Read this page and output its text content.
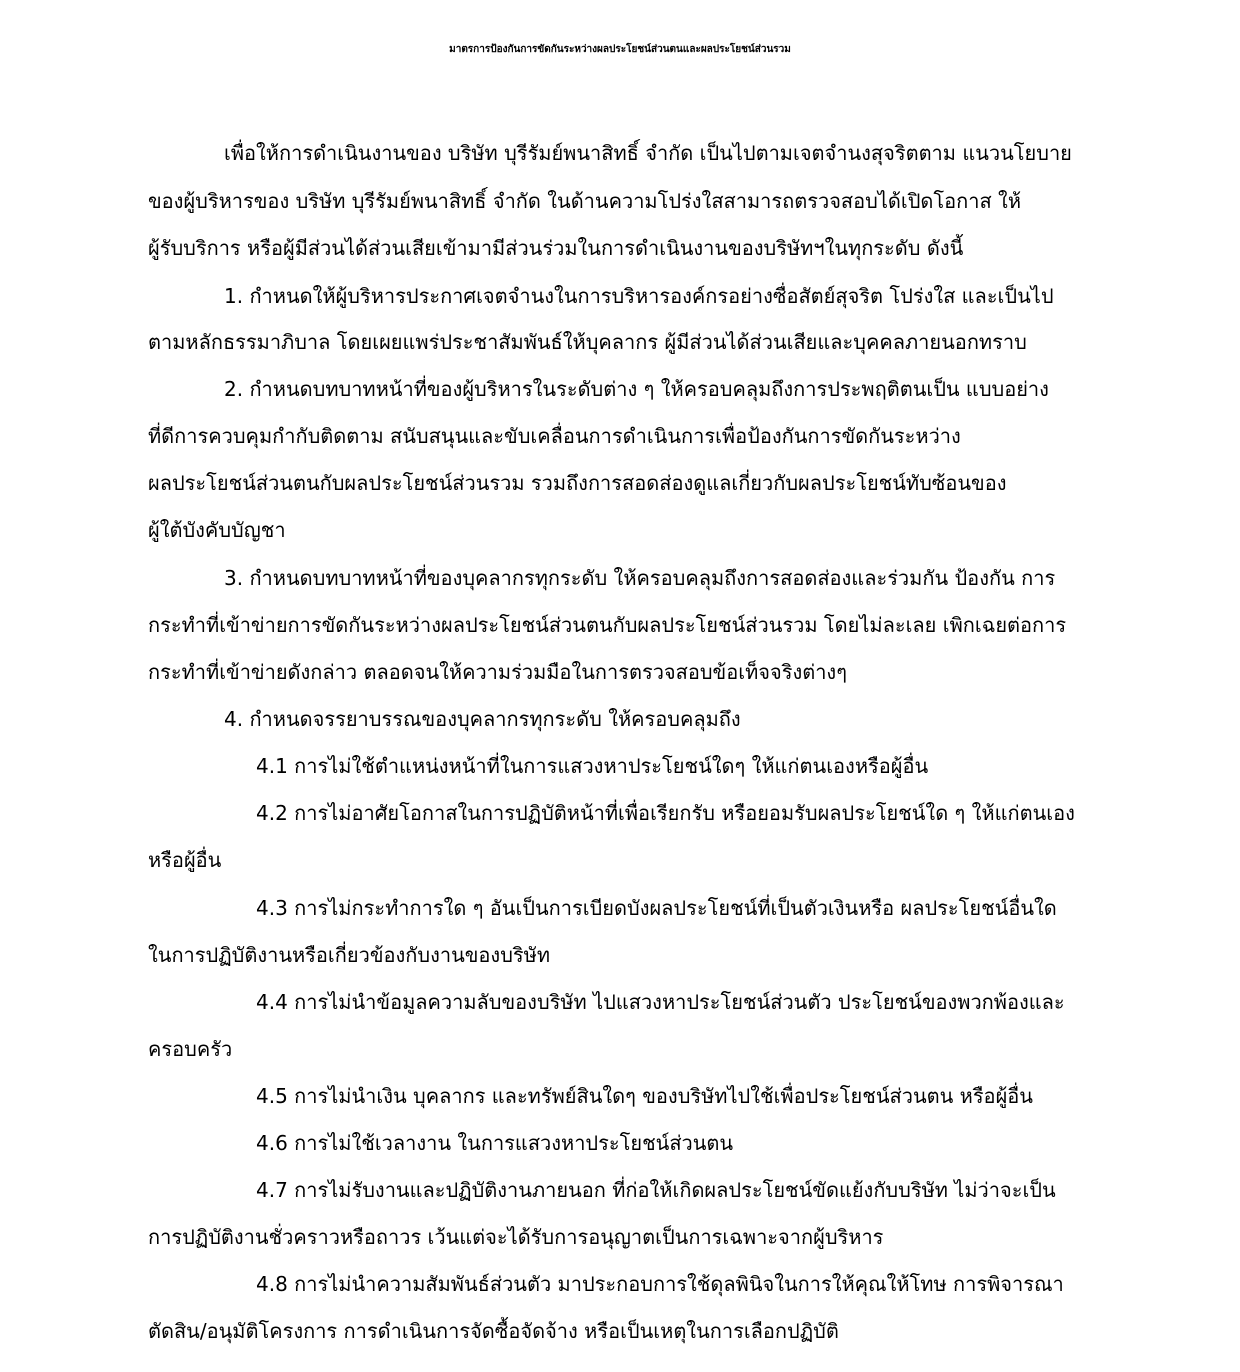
มาตรการป้องกันการขัดกันระหว่างผลประโยชน์ส่วนตนและผลประโยชน์ส่วนรวม
เพื่อให้การดำเนินงานของ บริษัท บุรีรัมย์พนาสิทธิ์ จำกัด เป็นไปตามเจตจำนงสุจริตตาม แนวนโยบาย
ของผู้บริหารของ บริษัท บุรีรัมย์พนาสิทธิ์ จำกัด ในด้านความโปร่งใสสามารถตรวจสอบได้เปิดโอกาส ให้
ผู้รับบริการ หรือผู้มีส่วนได้ส่วนเสียเข้ามามีส่วนร่วมในการดำเนินงานของบริษัทฯในทุกระดับ ดังนี้
1. กำหนดให้ผู้บริหารประกาศเจตจำนงในการบริหารองค์กรอย่างซื่อสัตย์สุจริต โปร่งใส และเป็นไป
ตามหลักธรรมาภิบาล โดยเผยแพร่ประชาสัมพันธ์ให้บุคลากร ผู้มีส่วนได้ส่วนเสียและบุคคลภายนอกทราบ
2. กำหนดบทบาทหน้าที่ของผู้บริหารในระดับต่าง ๆ ให้ครอบคลุมถึงการประพฤติตนเป็น แบบอย่าง
ที่ดีการควบคุมกำกับติดตาม สนับสนุนและขับเคลื่อนการดำเนินการเพื่อป้องกันการขัดกันระหว่าง
ผลประโยชน์ส่วนตนกับผลประโยชน์ส่วนรวม รวมถึงการสอดส่องดูแลเกี่ยวกับผลประโยชน์ทับซ้อนของ
ผู้ใต้บังคับบัญชา
3. กำหนดบทบาทหน้าที่ของบุคลากรทุกระดับ ให้ครอบคลุมถึงการสอดส่องและร่วมกัน ป้องกัน การ
กระทำที่เข้าข่ายการขัดกันระหว่างผลประโยชน์ส่วนตนกับผลประโยชน์ส่วนรวม โดยไม่ละเลย เพิกเฉยต่อการ
กระทำที่เข้าข่ายดังกล่าว ตลอดจนให้ความร่วมมือในการตรวจสอบข้อเท็จจริงต่างๆ
4. กำหนดจรรยาบรรณของบุคลากรทุกระดับ ให้ครอบคลุมถึง
4.1 การไม่ใช้ตำแหน่งหน้าที่ในการแสวงหาประโยชน์ใดๆ ให้แก่ตนเองหรือผู้อื่น
4.2 การไม่อาศัยโอกาสในการปฏิบัติหน้าที่เพื่อเรียกรับ หรือยอมรับผลประโยชน์ใด ๆ ให้แก่ตนเอง
หรือผู้อื่น
4.3 การไม่กระทำการใด ๆ อันเป็นการเบียดบังผลประโยชน์ที่เป็นตัวเงินหรือ ผลประโยชน์อื่นใด
ในการปฏิบัติงานหรือเกี่ยวข้องกับงานของบริษัท
4.4 การไม่นำข้อมูลความลับของบริษัท ไปแสวงหาประโยชน์ส่วนตัว ประโยชน์ของพวกพ้องและ
ครอบครัว
4.5 การไม่นำเงิน บุคลากร และทรัพย์สินใดๆ ของบริษัทไปใช้เพื่อประโยชน์ส่วนตน หรือผู้อื่น
4.6 การไม่ใช้เวลางาน ในการแสวงหาประโยชน์ส่วนตน
4.7 การไม่รับงานและปฏิบัติงานภายนอก ที่ก่อให้เกิดผลประโยชน์ขัดแย้งกับบริษัท ไม่ว่าจะเป็น
การปฏิบัติงานชั่วคราวหรือถาวร เว้นแต่จะได้รับการอนุญาตเป็นการเฉพาะจากผู้บริหาร
4.8 การไม่นำความสัมพันธ์ส่วนตัว มาประกอบการใช้ดุลพินิจในการให้คุณให้โทษ การพิจารณา
ตัดสิน/อนุมัติโครงการ การดำเนินการจัดซื้อจัดจ้าง หรือเป็นเหตุในการเลือกปฏิบัติ
